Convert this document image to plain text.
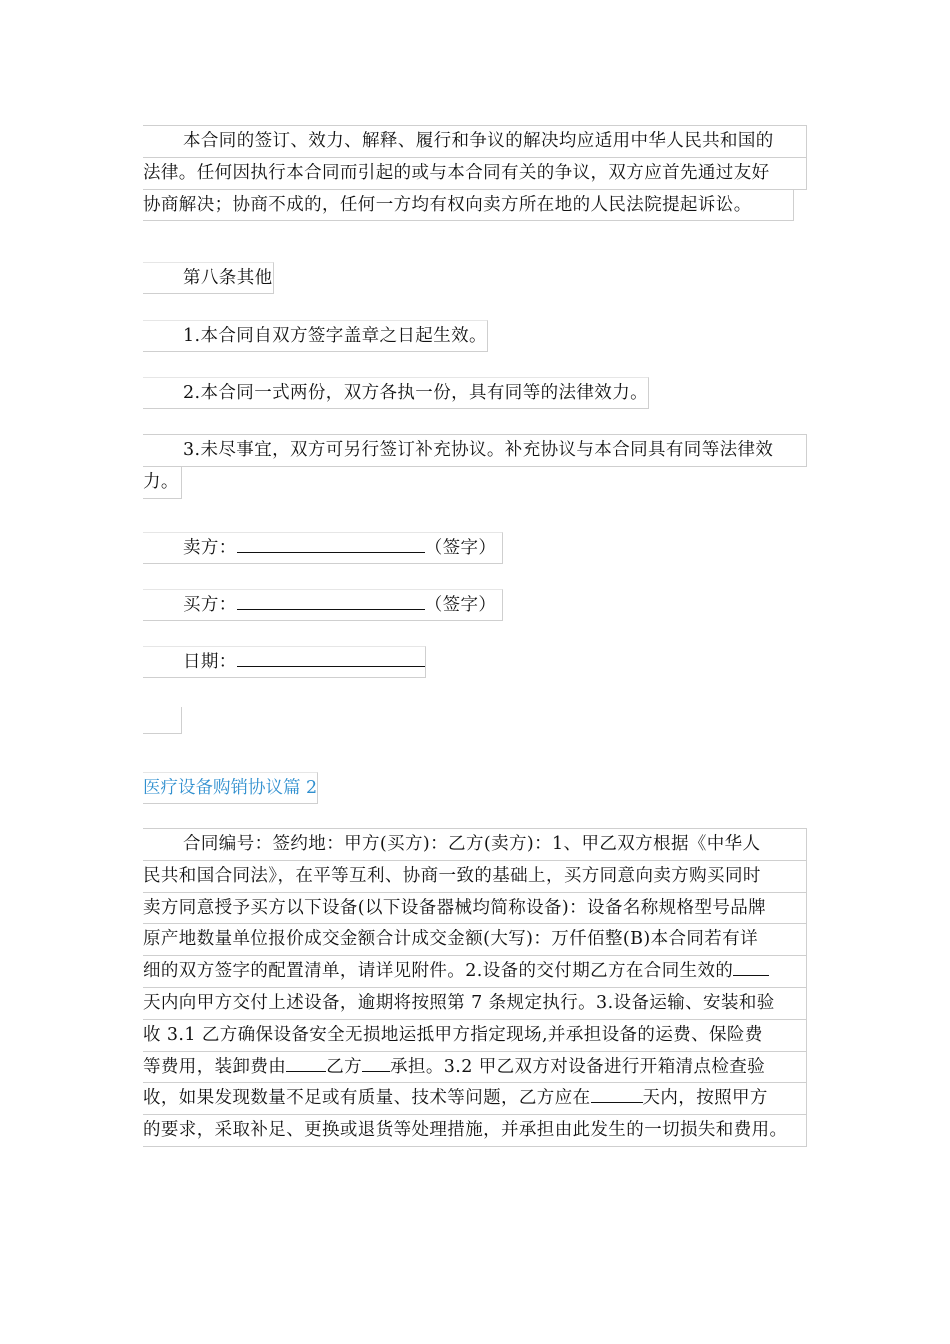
本合同的签订、效力、解释、履行和争议的解决均应适用中华人民共和国的
法律。任何因执行本合同而引起的或与本合同有关的争议，双方应首先通过友好
协商解决；协商不成的，任何一方均有权向卖方所在地的人民法院提起诉讼。
第八条其他
1.本合同自双方签字盖章之日起生效。
2.本合同一式两份，双方各执一份，具有同等的法律效力。
3.未尽事宜，双方可另行签订补充协议。补充协议与本合同具有同等法律效
力。
卖方：	（签字）
买方：	（签字）
日期：
医疗设备购销协议篇 2
合同编号：签约地：甲方(买方)：乙方(卖方)：1、甲乙双方根据《中华人
民共和国合同法》，在平等互利、协商一致的基础上，买方同意向卖方购买同时
卖方同意授予买方以下设备(以下设备器械均简称设备)：设备名称规格型号品牌
原产地数量单位报价成交金额合计成交金额(大写)：万仟佰整(B)本合同若有详
细的双方签字的配置清单，请详见附件。2.设备的交付期乙方在合同生效的
天内向甲方交付上述设备，逾期将按照第 7 条规定执行。3.设备运输、安装和验
收 3.1 乙方确保设备安全无损地运抵甲方指定现场,并承担设备的运费、保险费
等费用，装卸费由 乙方 承担。3.2 甲乙双方对设备进行开箱清点检查验
收，如果发现数量不足或有质量、技术等问题，乙方应在	天内，按照甲方
的要求，采取补足、更换或退货等处理措施，并承担由此发生的一切损失和费用。
